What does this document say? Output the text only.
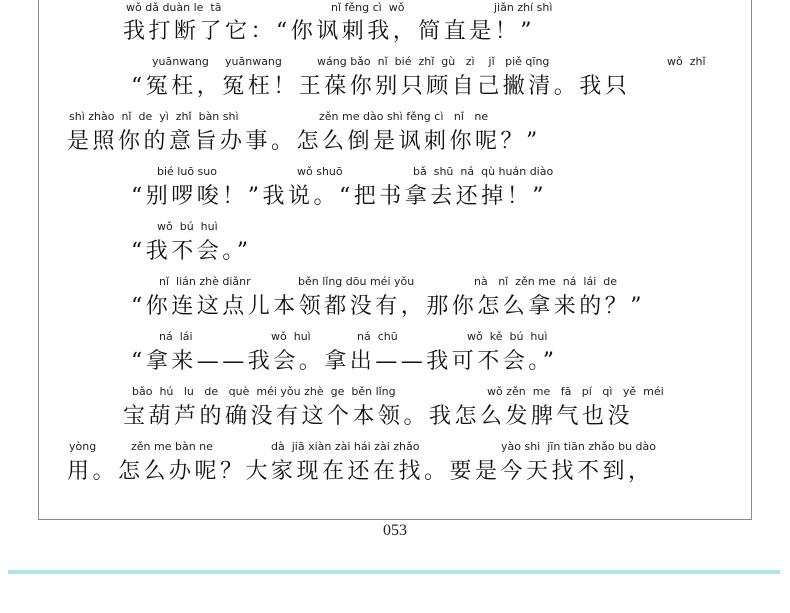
wǒ dǎ duàn le  tā	nǐ fěng cì  wǒ	jiǎn zhí shì
我打断了它：“你讽刺我，简直是！”
yuānwang yuānwang	wáng bǎo  nǐ  bié  zhǐ  gù   zì    jǐ   piě qīng	wǒ  zhǐ
“冤枉，冤枉！王葆你别只顾自己撇清。我只
shì zhào  nǐ  de  yì  zhǐ  bàn shì	zěn me dào shì fěng cì   nǐ   ne
是照你的意旨办事。怎么倒是讽刺你呢？”
bié luō suo	wǒ shuō	bǎ  shū  ná  qù huán diào
“别啰唆！”我说。“把书拿去还掉！”
wǒ  bú  huì
“我不会。”
nǐ  lián zhè diǎnr	běn lǐng dōu méi yǒu	nà   nǐ  zěn me  ná  lái  de
“你连这点儿本领都没有，那你怎么拿来的？”
ná  lái	wǒ  huì	ná  chū	wǒ  kě  bú  huì
“拿来——我会。拿出——我可不会。”
bǎo  hú   lu   de   què  méi yǒu zhè  ge  běn lǐng	wǒ zěn  me   fā   pí   qì   yě  méi
宝葫芦的确没有这个本领。我怎么发脾气也没
yòng	zěn me bàn ne	dà  jiā xiàn zài hái zài zhǎo	yào shi  jīn tiān zhǎo bu dào
用。怎么办呢？大家现在还在找。要是今天找不到，
053
